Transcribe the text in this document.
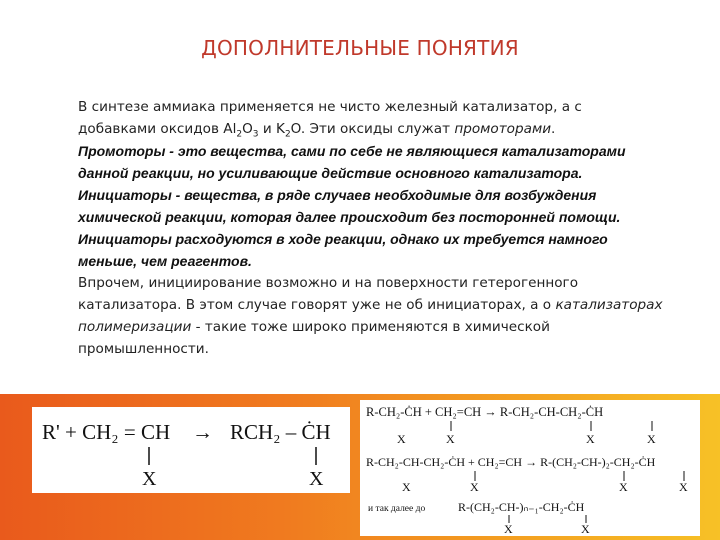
ДОПОЛНИТЕЛЬНЫЕ ПОНЯТИЯ

В синтезе аммиака применяется не чисто железный катализатор, а с добавками оксидов $Al_2O_3$ и $K_2O$. Эти оксиды служат промоторами.

Промоторы - это вещества, сами по себе не являющиеся катализаторами данной реакции, но усиливающие действие основного катализатора.

Инициаторы - вещества, в ряде случаев необходимые для возбуждения химической реакции, которая далее происходит без посторонней помощи. Инициаторы расходуются в ходе реакции, однако их требуется намного меньше, чем реагентов.

Впрочем, инициирование возможно и на поверхности гетерогенного катализатора. В этом случае говорят уже не об инициаторах, а о катализаторах полимеризации - такие тоже широко применяются в химической промышленности.

R' + CH₂ = CH → RCH₂ – ĊH
X	X
R-CH₂-ĊH + CH₂=CH → R-CH₂-CH-CH₂-ĊH
X	X	X	X
R-CH₂-CH-CH₂-ĊH + CH₂=CH → R-(CH₂-CH-)₂-CH₂-ĊH
X	X	X	X
и так далее до	R-(CH₂-CH-)ₙ₋₁-CH₂-ĊH
X	X
